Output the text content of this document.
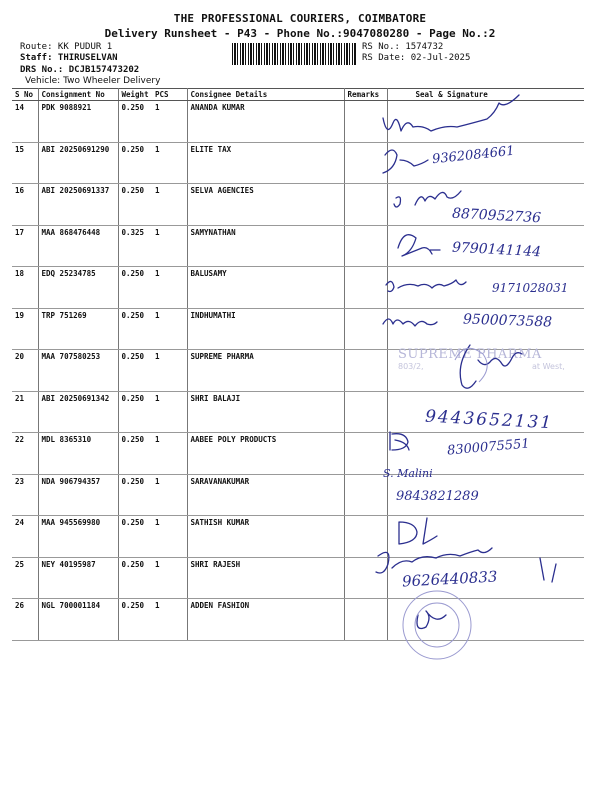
THE PROFESSIONAL COURIERS, COIMBATORE
Delivery Runsheet - P43 - Phone No.:9047080280 - Page No.:2
Route: KK PUDUR 1
Staff: THIRUSELVAN
DRS No.: DCJB157473202
Vehicle: Two Wheeler Delivery
RS No.: 1574732
RS Date: 02-Jul-2025
S No	Consignment No	Weight	PCS	Consignee Details	Remarks	Seal & Signature
14	PDK 9088921	0.250	1	ANANDA KUMAR		
15	ABI 20250691290	0.250	1	ELITE TAX		
16	ABI 20250691337	0.250	1	SELVA AGENCIES		
17	MAA 868476448	0.325	1	SAMYNATHAN		
18	EDQ 25234785	0.250	1	BALUSAMY		
19	TRP 751269	0.250	1	INDHUMATHI		
20	MAA 707580253	0.250	1	SUPREME PHARMA		
21	ABI 20250691342	0.250	1	SHRI BALAJI		
22	MDL 8365310	0.250	1	AABEE POLY PRODUCTS		
23	NDA 906794357	0.250	1	SARAVANAKUMAR		
24	MAA 945569980	0.250	1	SATHISH KUMAR		
25	NEY 40195987	0.250	1	SHRI RAJESH		
26	NGL 700001184	0.250	1	ADDEN FASHION		
SUPREME PHARMA
803/2,	at West,
9362084661
8870952736
9790141144
9171028031
9500073588
9443652131
8300075551
S. Malini
9843821289
9626440833
